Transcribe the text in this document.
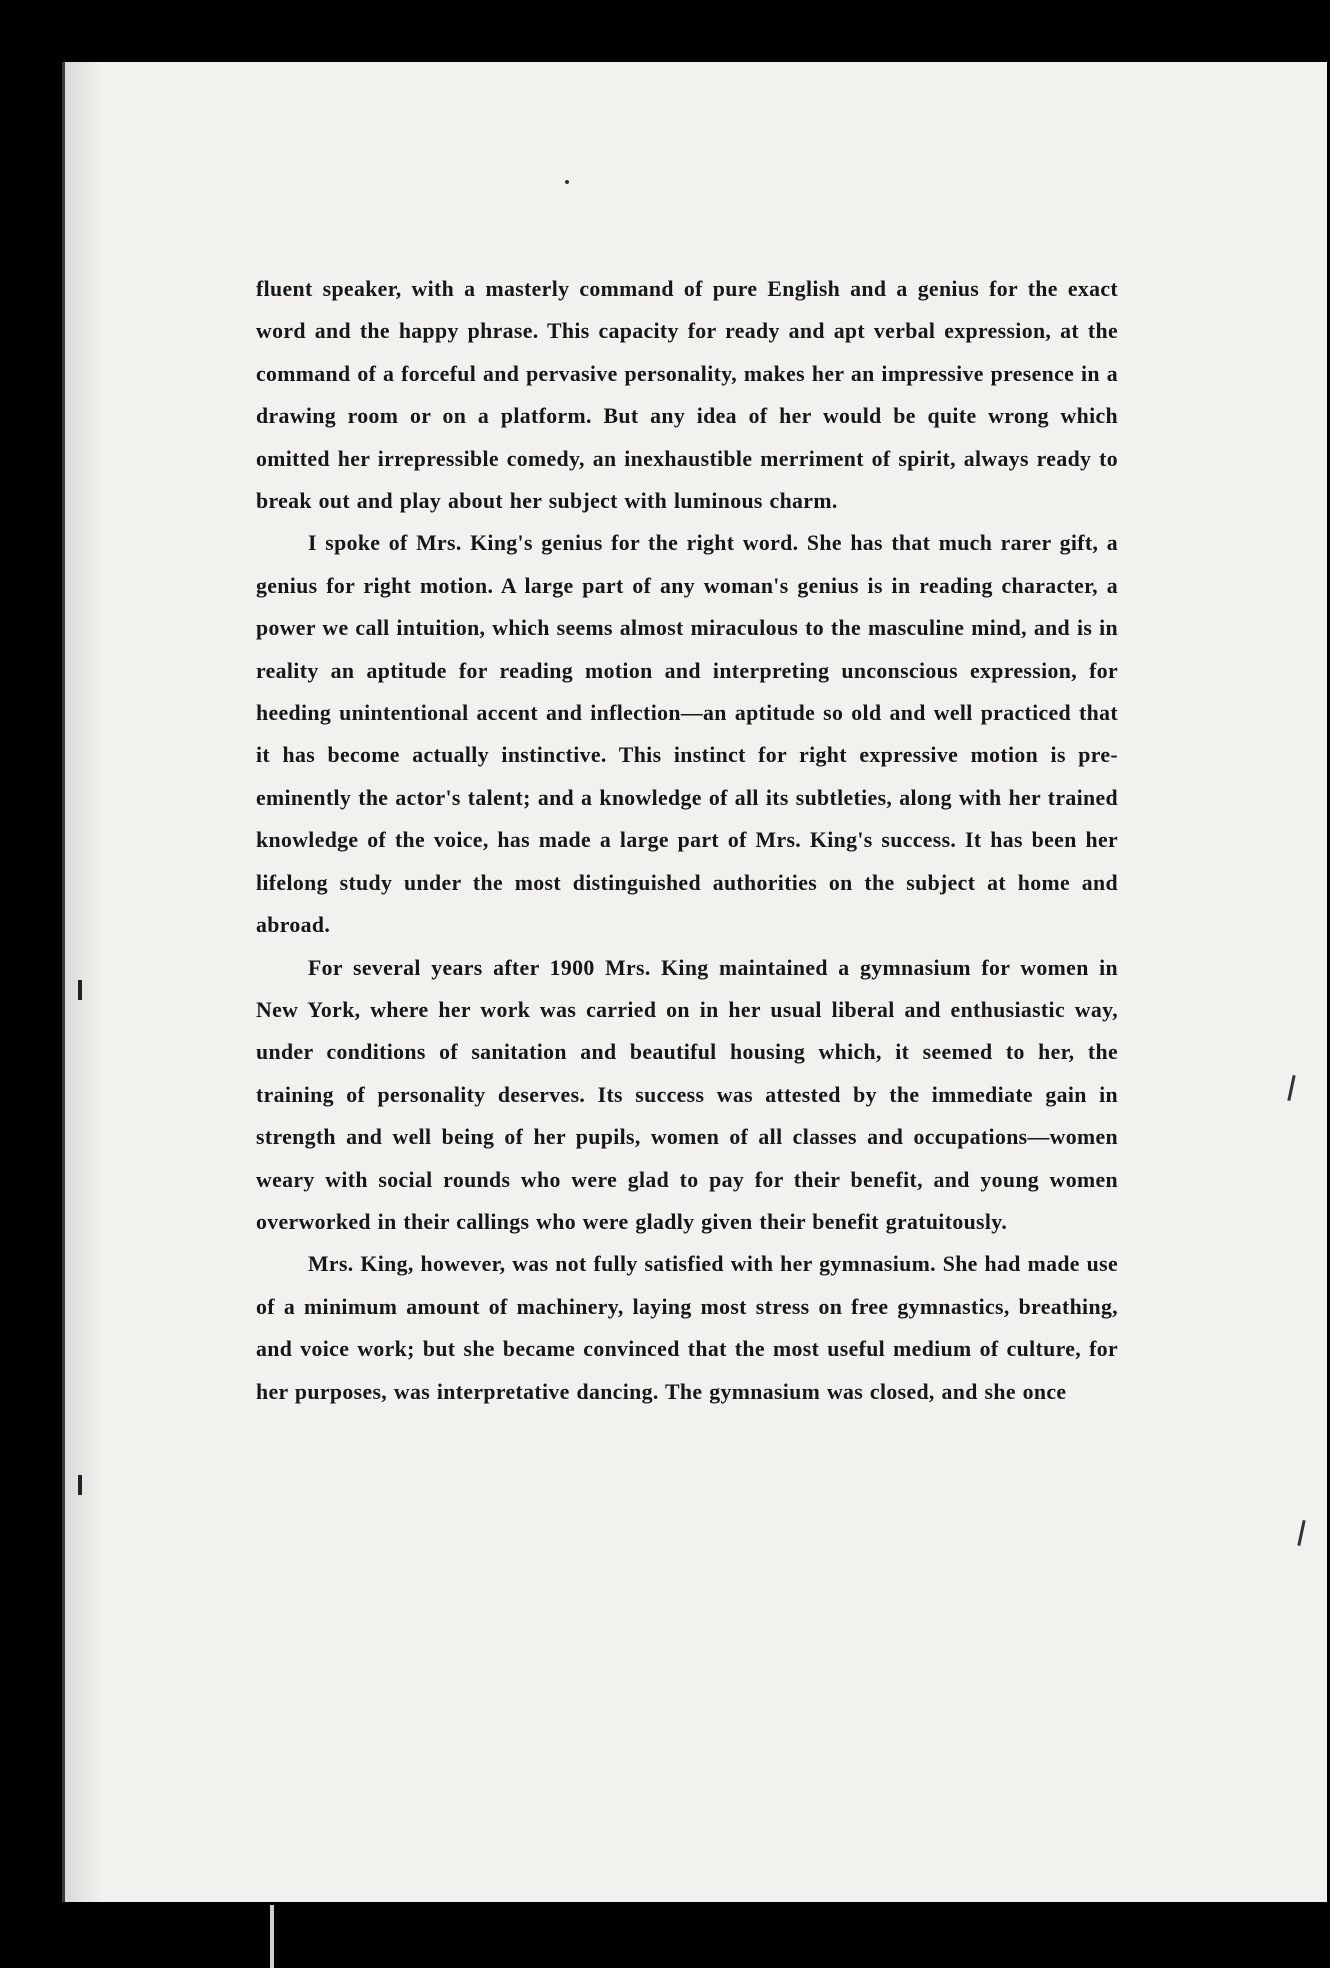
fluent speaker, with a masterly command of pure English and a genius for the exact word and the happy phrase. This capacity for ready and apt verbal expression, at the command of a forceful and pervasive personality, makes her an impressive presence in a drawing room or on a platform. But any idea of her would be quite wrong which omitted her irrepressible comedy, an inexhaustible merriment of spirit, always ready to break out and play about her subject with luminous charm.

I spoke of Mrs. King's genius for the right word. She has that much rarer gift, a genius for right motion. A large part of any woman's genius is in reading character, a power we call intuition, which seems almost miraculous to the masculine mind, and is in reality an aptitude for reading motion and interpreting unconscious expression, for heeding unintentional accent and inflection—an aptitude so old and well practiced that it has become actually instinctive. This instinct for right expressive motion is pre-eminently the actor's talent; and a knowledge of all its subtleties, along with her trained knowledge of the voice, has made a large part of Mrs. King's success. It has been her lifelong study under the most distinguished authorities on the subject at home and abroad.

For several years after 1900 Mrs. King maintained a gymnasium for women in New York, where her work was carried on in her usual liberal and enthusiastic way, under conditions of sanitation and beautiful housing which, it seemed to her, the training of personality deserves. Its success was attested by the immediate gain in strength and well being of her pupils, women of all classes and occupations—women weary with social rounds who were glad to pay for their benefit, and young women overworked in their callings who were gladly given their benefit gratuitously.

Mrs. King, however, was not fully satisfied with her gymnasium. She had made use of a minimum amount of machinery, laying most stress on free gymnastics, breathing, and voice work; but she became convinced that the most useful medium of culture, for her purposes, was interpretative dancing. The gymnasium was closed, and she once
